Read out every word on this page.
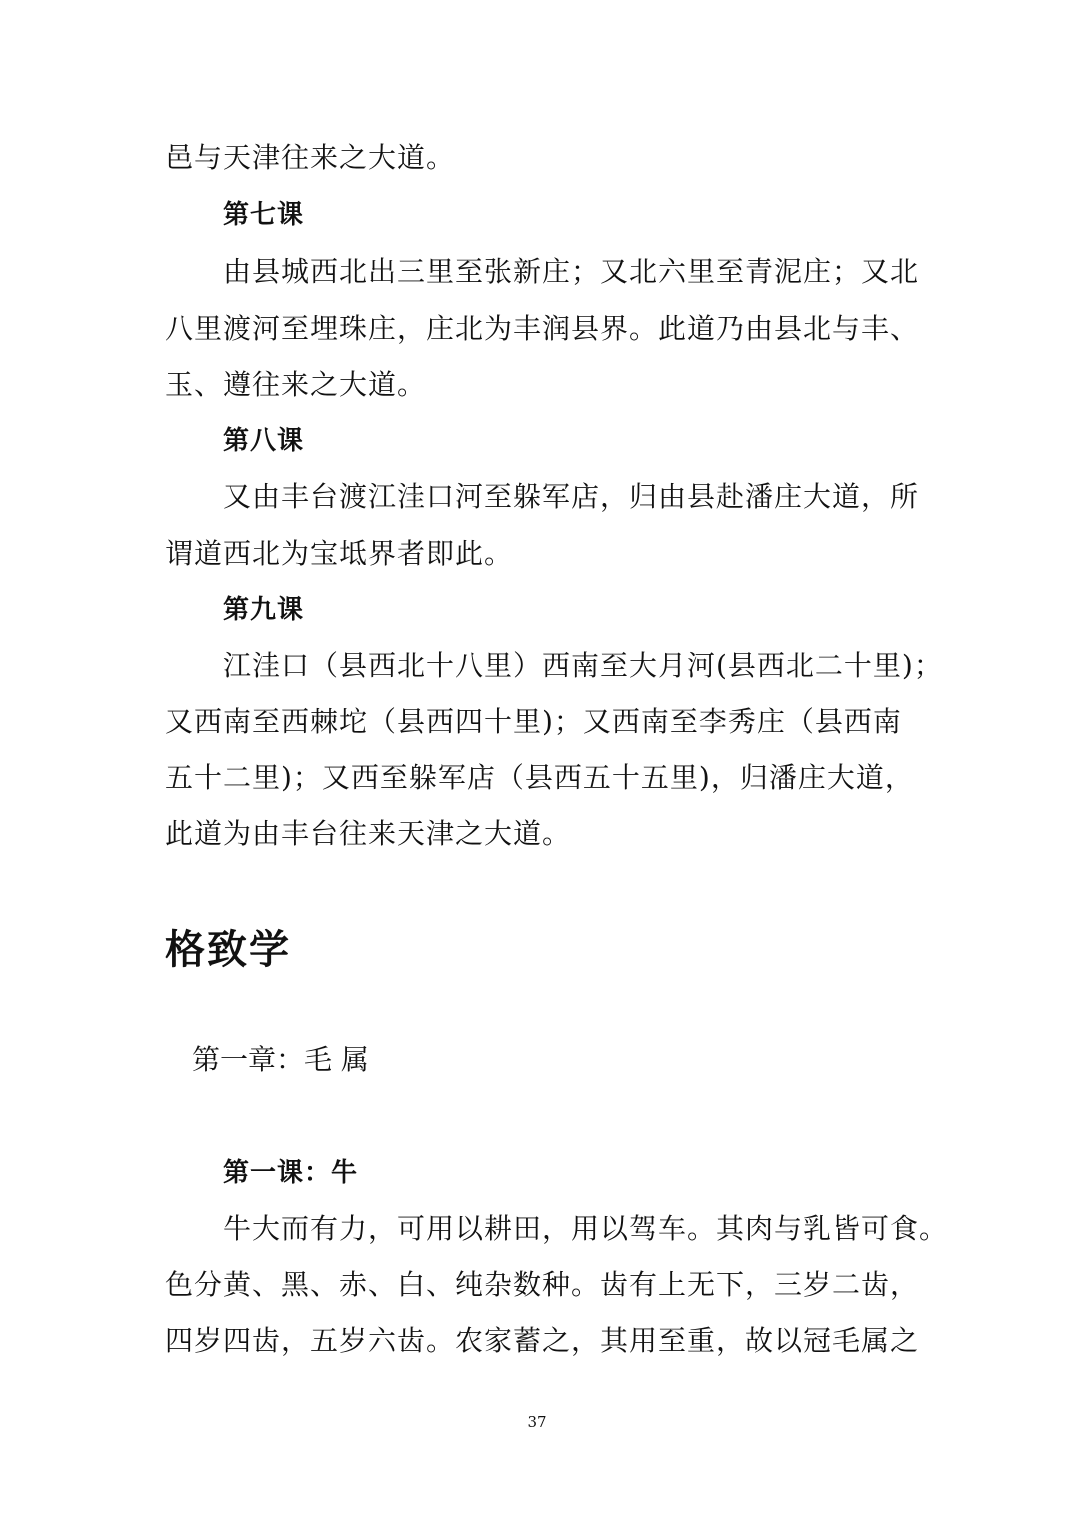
邑与天津往来之大道。
第七课
由县城西北出三里至张新庄；又北六里至青泥庄；又北
八里渡河至埋珠庄，庄北为丰润县界。此道乃由县北与丰、
玉、遵往来之大道。
第八课
又由丰台渡江洼口河至躲军店，归由县赴潘庄大道，所
谓道西北为宝坻界者即此。
第九课
江洼口（县西北十八里）西南至大月河(县西北二十里)；
又西南至西棘坨（县西四十里)；又西南至李秀庄（县西南
五十二里)；又西至躲军店（县西五十五里)，归潘庄大道，
此道为由丰台往来天津之大道。
格致学
第一章：毛 属
第一课：牛
牛大而有力，可用以耕田，用以驾车。其肉与乳皆可食。
色分黄、黑、赤、白、纯杂数种。齿有上无下，三岁二齿，
四岁四齿，五岁六齿。农家蓄之，其用至重，故以冠毛属之
37
